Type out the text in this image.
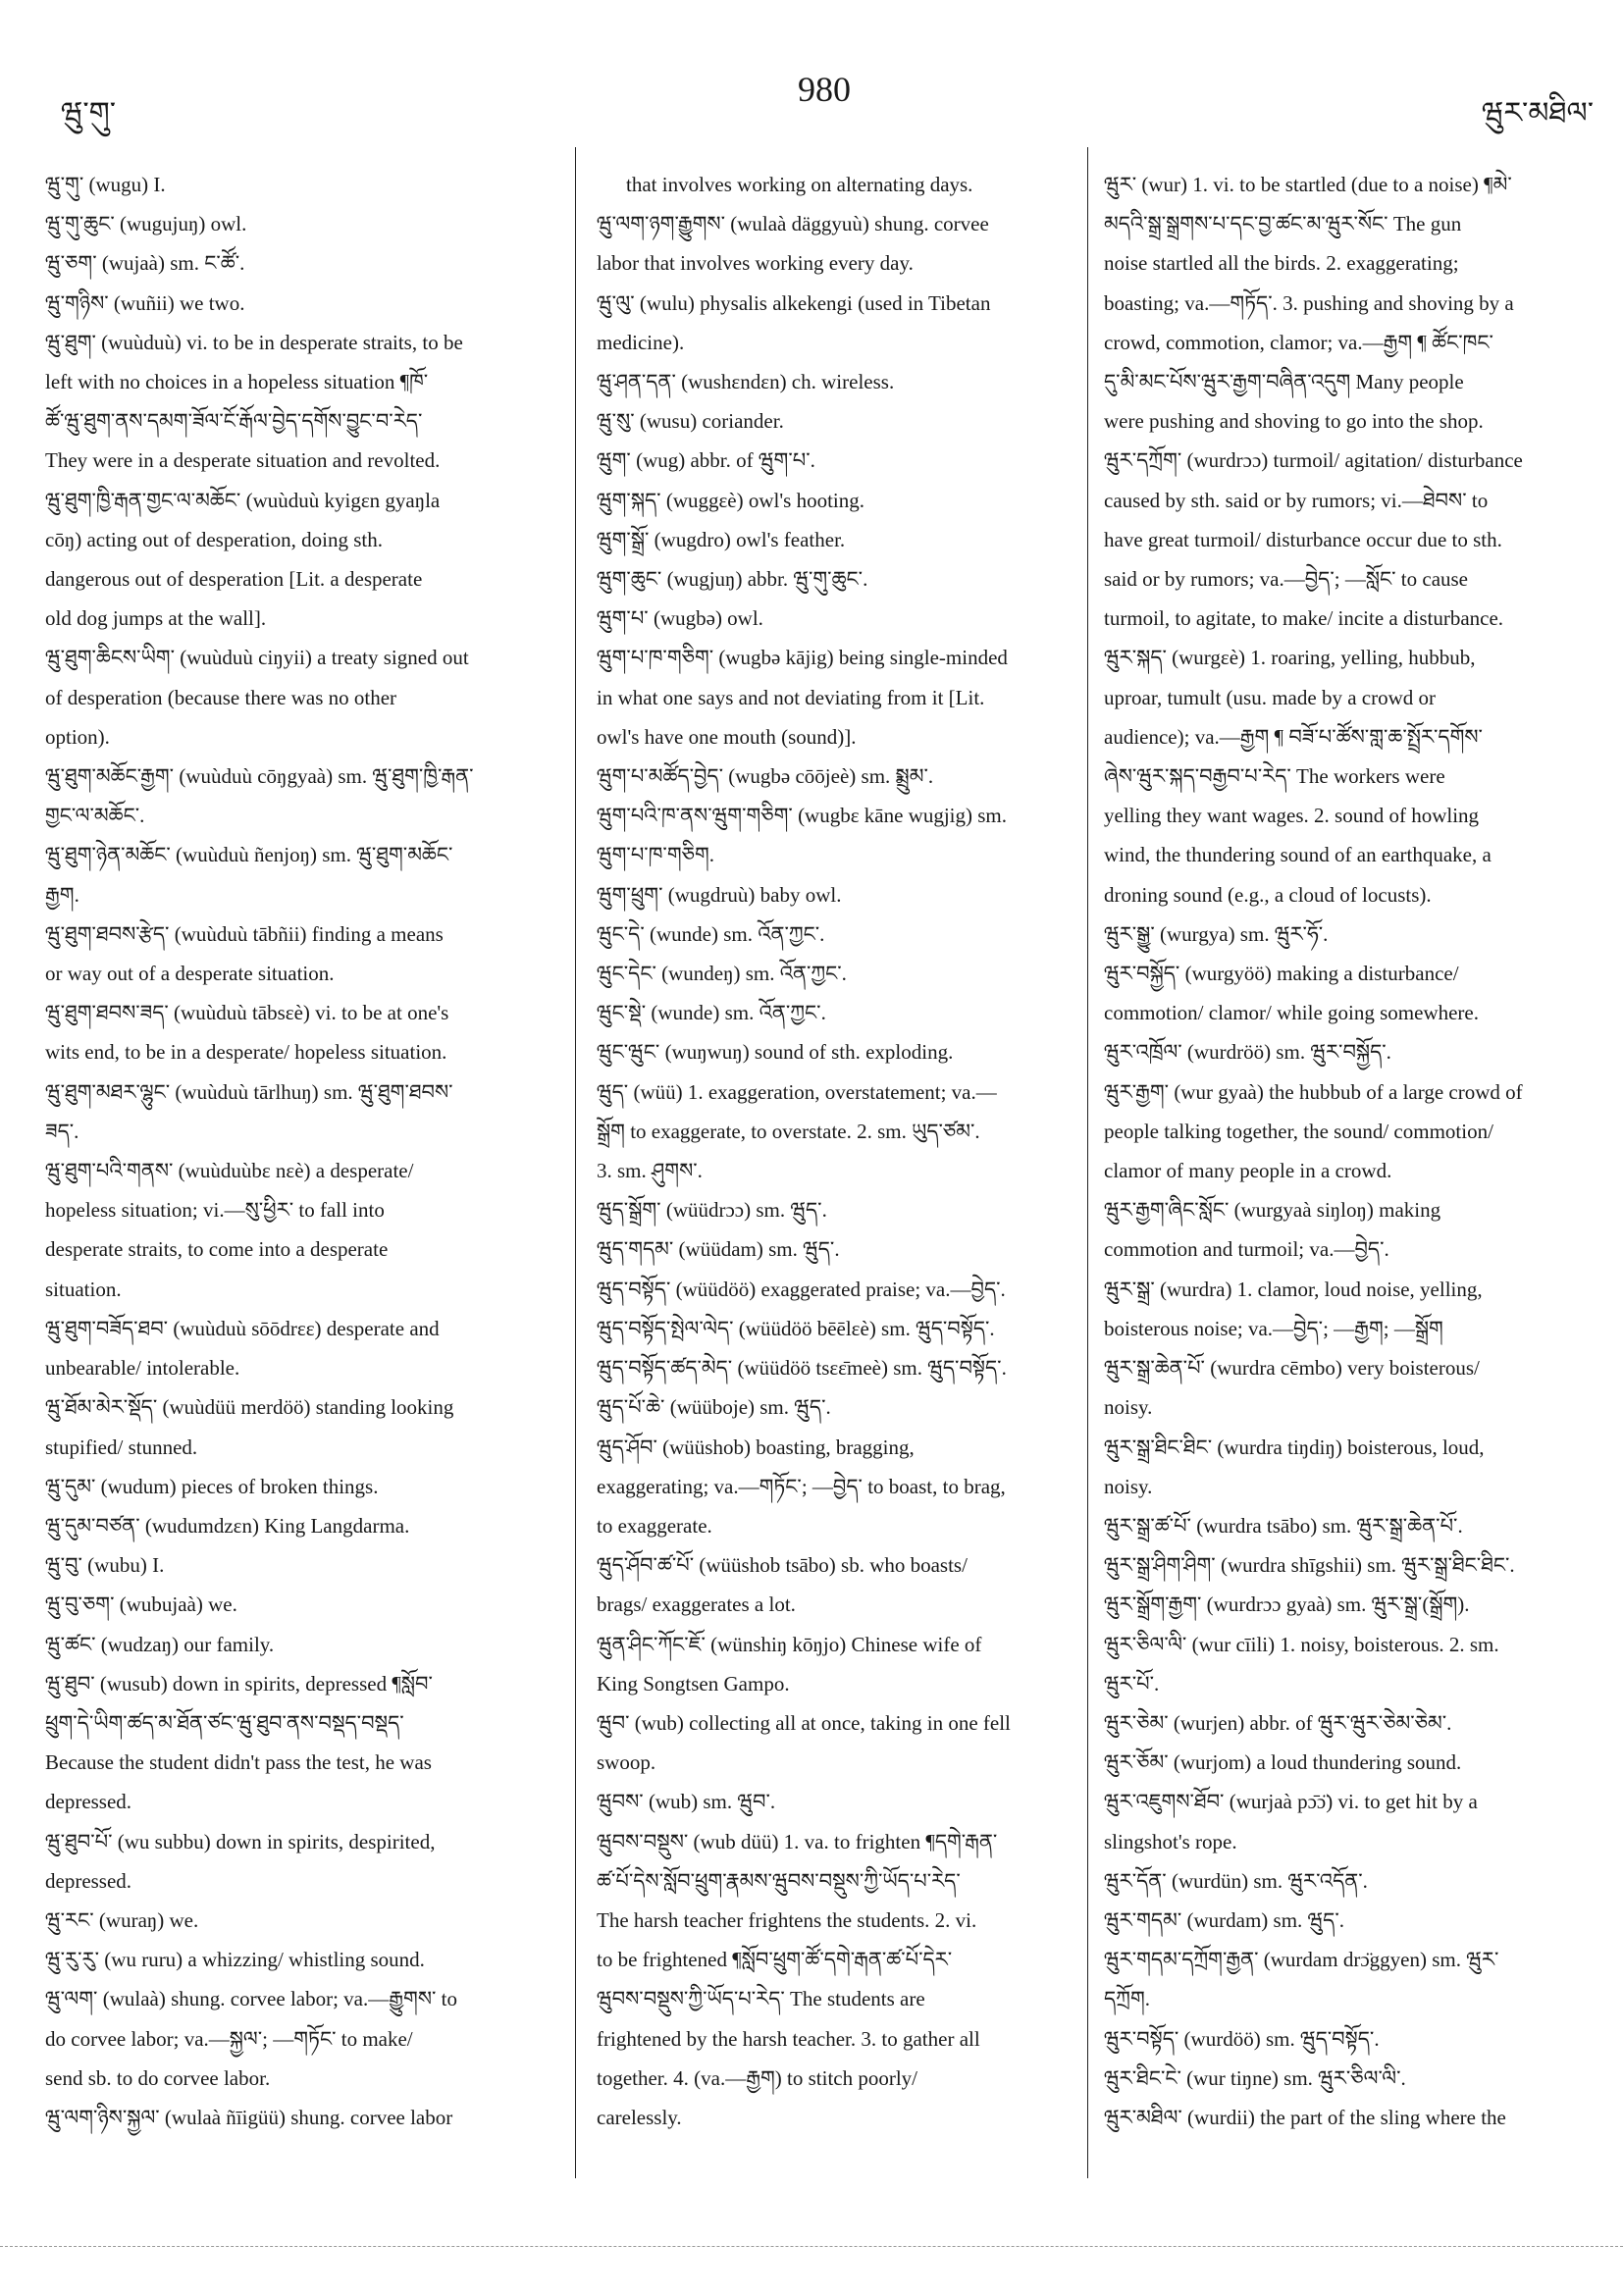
ཝུ་གུ་
980
ཝུར་མཐིལ་
ཝུ་གུ་ (wugu) I.
ཝུ་གུ་ཆུང་ (wugujuŋ) owl.
ཝུ་ཅག་ (wujaà) sm. ང་ཚོ་.
ཝུ་གཉིས་ (wuñii) we two.
ཝུ་ཐུག་ (wuùduù) vi. to be in desperate straits, to be
left with no choices in a hopeless situation ¶ཁོ་
ཚོ་ཝུ་ཐུག་ནས་དམག་ཟོལ་ངོ་རྒོལ་བྱེད་དགོས་བྱུང་བ་རེད་
They were in a desperate situation and revolted.
ཝུ་ཐུག་ཁྱི་རྒན་གྱང་ལ་མཆོང་ (wuùduù kyigɛn gyaŋla
cōŋ) acting out of desperation, doing sth.
dangerous out of desperation [Lit. a desperate
old dog jumps at the wall].
ཝུ་ཐུག་ཆིངས་ཡིག་ (wuùduù ciŋyii) a treaty signed out
of desperation (because there was no other
option).
ཝུ་ཐུག་མཆོང་རྒྱག་ (wuùduù cōŋgyaà) sm. ཝུ་ཐུག་ཁྱི་རྒན་
གྱང་ལ་མཆོང་.
ཝུ་ཐུག་ཉེན་མཆོང་ (wuùduù ñenjoŋ) sm. ཝུ་ཐུག་མཆོང་
རྒྱག.
ཝུ་ཐུག་ཐབས་རྩེད་ (wuùduù tābñii) finding a means
or way out of a desperate situation.
ཝུ་ཐུག་ཐབས་ཟད་ (wuùduù tābsɛè) vi. to be at one's
wits end, to be in a desperate/ hopeless situation.
ཝུ་ཐུག་མཐར་ལྷུང་ (wuùduù tārlhuŋ) sm. ཝུ་ཐུག་ཐབས་
ཟད་.
ཝུ་ཐུག་པའི་གནས་ (wuùduùbɛ nɛè) a desperate/
hopeless situation; vi.—སུ་ཕྱིར་ to fall into
desperate straits, to come into a desperate
situation.
ཝུ་ཐུག་བཟོད་ཐབ་ (wuùduù sōōdrɛɛ) desperate and
unbearable/ intolerable.
ཝུ་ཐོམ་མེར་སྡོད་ (wuùdüü merdöö) standing looking
stupified/ stunned.
ཝུ་དུམ་ (wudum) pieces of broken things.
ཝུ་དུམ་བཙན་ (wudumdzɛn) King Langdarma.
ཝུ་བུ་ (wubu) I.
ཝུ་བུ་ཅག་ (wubujaà) we.
ཝུ་ཚང་ (wudzaŋ) our family.
ཝུ་ཐུབ་ (wusub) down in spirits, depressed ¶སློབ་
ཕྲུག་དེ་ཡིག་ཚད་མ་ཐོན་ཙང་ཝུ་ཐུབ་ནས་བསྡད་བསྡད་
Because the student didn't pass the test, he was
depressed.
ཝུ་ཐུབ་པོ་ (wu subbu) down in spirits, despirited,
depressed.
ཝུ་རང་ (wuraŋ) we.
ཝུ་རུ་རུ་ (wu ruru) a whizzing/ whistling sound.
ཝུ་ལག་ (wulaà) shung. corvee labor; va.—རྒྱུགས་ to
do corvee labor; va.—སྐྱལ་; —གཏོང་ to make/
send sb. to do corvee labor.
ཝུ་ལག་ཉིས་སྐྱལ་ (wulaà ñīigüü) shung. corvee labor
that involves working on alternating days.
ཝུ་ལག་ཉག་རྒྱུགས་ (wulaà däggyuù) shung. corvee
labor that involves working every day.
ཝུ་ལུ་ (wulu) physalis alkekengi (used in Tibetan
medicine).
ཝུ་ཤན་དན་ (wushɛndɛn) ch. wireless.
ཝུ་སུ་ (wusu) coriander.
ཝུག་ (wug) abbr. of ཝུག་པ་.
ཝུག་སྐད་ (wuggɛè) owl's hooting.
ཝུག་སྒྲོ་ (wugdro) owl's feather.
ཝུག་ཆུང་ (wugjuŋ) abbr. ཝུ་གུ་ཆུང་.
ཝུག་པ་ (wugbə) owl.
ཝུག་པ་ཁ་གཅིག་ (wugbə kājig) being single-minded
in what one says and not deviating from it [Lit.
owl's have one mouth (sound)].
ཝུག་པ་མཚོད་བྱེད་ (wugbə cōōjeè) sm. སྨྲུམ་.
ཝུག་པའི་ཁ་ནས་ཝུག་གཅིག་ (wugbɛ kāne wugjig) sm.
ཝུག་པ་ཁ་གཅིག.
ཝུག་ཕྲུག་ (wugdruù) baby owl.
ཝུང་དེ་ (wunde) sm. འོན་ཀྱང་.
ཝུང་དེང་ (wundeŋ) sm. འོན་ཀྱང་.
ཝུང་སྡེ་ (wunde) sm. འོན་ཀྱང་.
ཝུང་ཝུང་ (wuŋwuŋ) sound of sth. exploding.
ཝུད་ (wüü) 1. exaggeration, overstatement; va.—
སྒྲོག to exaggerate, to overstate. 2. sm. ཡུད་ཙམ་.
3. sm. ཤུགས་.
ཝུད་སྒྲོག་ (wüüdrɔɔ) sm. ཝུད་.
ཝུད་གདམ་ (wüüdam) sm. ཝུད་.
ཝུད་བསྟོད་ (wüüdöö) exaggerated praise; va.—བྱེད་.
ཝུད་བསྟོད་སྤེལ་ལེད་ (wüüdöö bēēlɛè) sm. ཝུད་བསྟོད་.
ཝུད་བསྟོད་ཚད་མེད་ (wüüdöö tsɛɛ̄meè) sm. ཝུད་བསྟོད་.
ཝུད་པོ་ཆེ་ (wüüboje) sm. ཝུད་.
ཝུད་ཤོབ་ (wüüshob) boasting, bragging,
exaggerating; va.—གཏོང་; —བྱེད་ to boast, to brag,
to exaggerate.
ཝུད་ཤོབ་ཚ་པོ་ (wüüshob tsābo) sb. who boasts/
brags/ exaggerates a lot.
ཝུན་ཤིང་ཀོང་ཇོ་ (wünshiŋ kōŋjo) Chinese wife of
King Songtsen Gampo.
ཝུབ་ (wub) collecting all at once, taking in one fell
swoop.
ཝུབས་ (wub) sm. ཝུབ་.
ཝུབས་བསྡུས་ (wub düü) 1. va. to frighten ¶དགེ་རྒན་
ཚ་པོ་དེས་སློབ་ཕྲུག་རྣམས་ཝུབས་བསྡུས་ཀྱི་ཡོད་པ་རེད་
The harsh teacher frightens the students. 2. vi.
to be frightened ¶སློབ་ཕྲུག་ཚོ་དགེ་རྒན་ཚ་པོ་དེར་
ཝུབས་བསྡུས་ཀྱི་ཡོད་པ་རེད་ The students are
frightened by the harsh teacher. 3. to gather all
together. 4. (va.—རྒྱག) to stitch poorly/
carelessly.
ཝུར་ (wur) 1. vi. to be startled (due to a noise) ¶མེ་
མདའི་སྒྲ་སྒྲགས་པ་དང་བྱ་ཚང་མ་ཝུར་སོང་ The gun
noise startled all the birds. 2. exaggerating;
boasting; va.—གཏོད་. 3. pushing and shoving by a
crowd, commotion, clamor; va.—རྒྱག ¶ ཚོང་ཁང་
དུ་མི་མང་པོས་ཝུར་རྒྱག་བཞིན་འདུག Many people
were pushing and shoving to go into the shop.
ཝུར་དཀྲོག་ (wurdrɔɔ) turmoil/ agitation/ disturbance
caused by sth. said or by rumors; vi.—ཐེབས་ to
have great turmoil/ disturbance occur due to sth.
said or by rumors; va.—བྱེད་; —སློང་ to cause
turmoil, to agitate, to make/ incite a disturbance.
ཝུར་སྐད་ (wurgɛè) 1. roaring, yelling, hubbub,
uproar, tumult (usu. made by a crowd or
audience); va.—རྒྱག ¶ བཟོ་པ་ཚོས་གླ་ཆ་སྤྲོར་དགོས་
ཞེས་ཝུར་སྐད་བརྒྱབ་པ་རེད་ The workers were
yelling they want wages. 2. sound of howling
wind, the thundering sound of an earthquake, a
droning sound (e.g., a cloud of locusts).
ཝུར་སྒྱུ་ (wurgya) sm. ཝུར་ཧོ་.
ཝུར་བསྐྱོད་ (wurgyöö) making a disturbance/
commotion/ clamor/ while going somewhere.
ཝུར་འཁྲོལ་ (wurdröö) sm. ཝུར་བསྐྱོད་.
ཝུར་རྒྱག་ (wur gyaà) the hubbub of a large crowd of
people talking together, the sound/ commotion/
clamor of many people in a crowd.
ཝུར་རྒྱག་ཞིང་སློང་ (wurgyaà siŋloŋ) making
commotion and turmoil; va.—བྱེད་.
ཝུར་སྒྲ་ (wurdra) 1. clamor, loud noise, yelling,
boisterous noise; va.—བྱེད་; —རྒྱག; —སྒྲོག
ཝུར་སྒྲ་ཆེན་པོ་ (wurdra cēmbo) very boisterous/
noisy.
ཝུར་སྒྲ་ཐིང་ཐིང་ (wurdra tiŋdiŋ) boisterous, loud,
noisy.
ཝུར་སྒྲ་ཚ་པོ་ (wurdra tsābo) sm. ཝུར་སྒྲ་ཆེན་པོ་.
ཝུར་སྒྲ་ཤིག་ཤིག་ (wurdra shīgshii) sm. ཝུར་སྒྲ་ཐིང་ཐིང་.
ཝུར་སྒྲོག་རྒྱག་ (wurdrɔɔ gyaà) sm. ཝུར་སྒྲ་(སྒྲོག).
ཝུར་ཅིལ་ལི་ (wur cīili) 1. noisy, boisterous. 2. sm.
ཝུར་པོ་.
ཝུར་ཅེམ་ (wurjen) abbr. of ཝུར་ཝུར་ཅེམ་ཅེམ་.
ཝུར་ཅོམ་ (wurjom) a loud thundering sound.
ཝུར་འཇུགས་ཐོབ་ (wurjaà pɔ̄ɔ̈) vi. to get hit by a
slingshot's rope.
ཝུར་དོན་ (wurdün) sm. ཝུར་འདོན་.
ཝུར་གདམ་ (wurdam) sm. ཝུད་.
ཝུར་གདམ་དཀྲོག་རྒྱན་ (wurdam drɔ̈ggyen) sm. ཝུར་
དཀྲོག.
ཝུར་བསྟོད་ (wurdöö) sm. ཝུད་བསྟོད་.
ཝུར་ཐིང་ངེ་ (wur tiŋne) sm. ཝུར་ཅིལ་ལི་.
ཝུར་མཐིལ་ (wurdii) the part of the sling where the
